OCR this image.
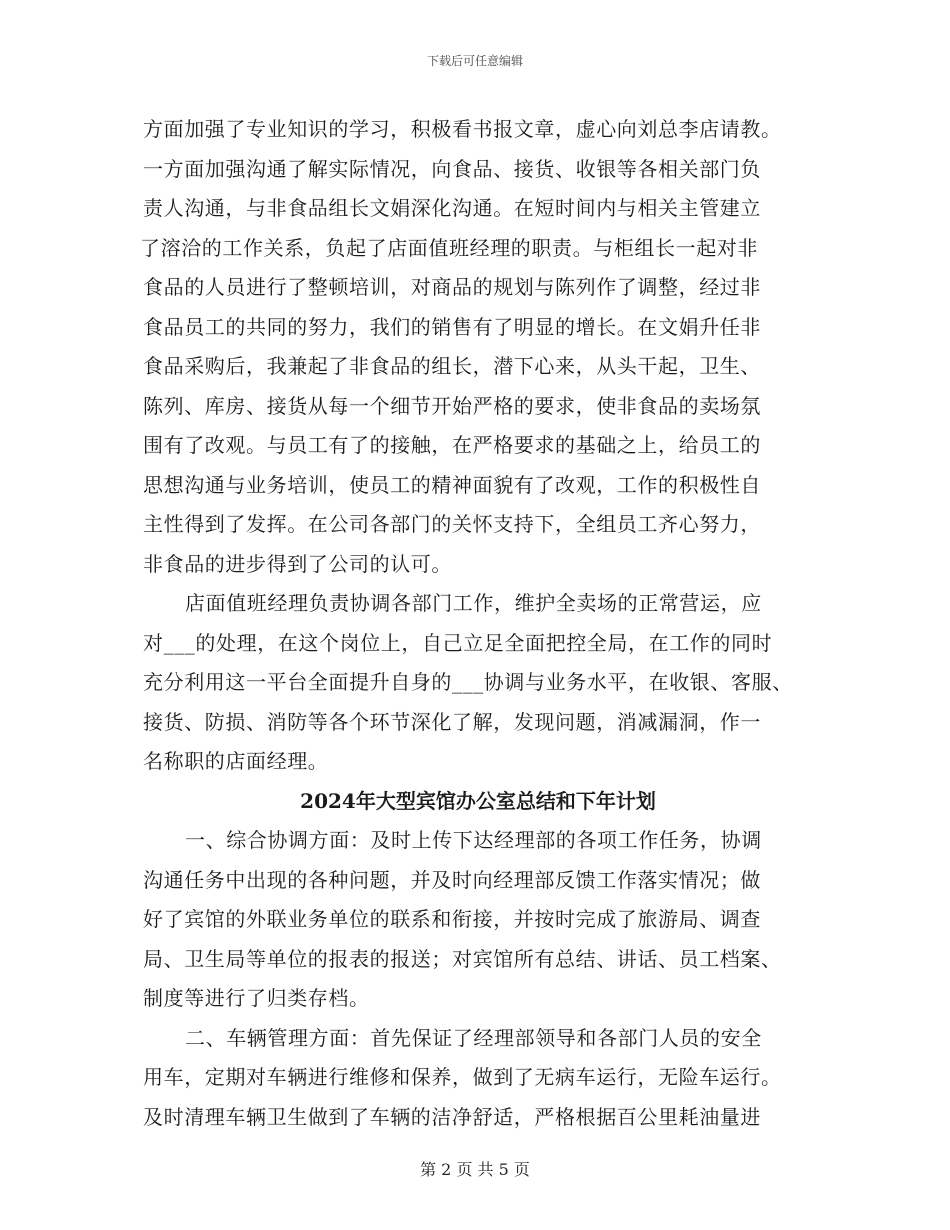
下载后可任意编辑
方面加强了专业知识的学习，积极看书报文章，虚心向刘总李店请教。
一方面加强沟通了解实际情况，向食品、接货、收银等各相关部门负
责人沟通，与非食品组长文娟深化沟通。在短时间内与相关主管建立
了溶洽的工作关系，负起了店面值班经理的职责。与柜组长一起对非
食品的人员进行了整顿培训，对商品的规划与陈列作了调整，经过非
食品员工的共同的努力，我们的销售有了明显的增长。在文娟升任非
食品采购后，我兼起了非食品的组长，潜下心来，从头干起，卫生、
陈列、库房、接货从每一个细节开始严格的要求，使非食品的卖场氛
围有了改观。与员工有了的接触，在严格要求的基础之上，给员工的
思想沟通与业务培训，使员工的精神面貌有了改观，工作的积极性自
主性得到了发挥。在公司各部门的关怀支持下，全组员工齐心努力，
非食品的进步得到了公司的认可。
店面值班经理负责协调各部门工作，维护全卖场的正常营运，应
对___的处理，在这个岗位上，自己立足全面把控全局，在工作的同时
充分利用这一平台全面提升自身的___协调与业务水平，在收银、客服、
接货、防损、消防等各个环节深化了解，发现问题，消减漏洞，作一
名称职的店面经理。
2024年大型宾馆办公室总结和下年计划
一、综合协调方面：及时上传下达经理部的各项工作任务，协调
沟通任务中出现的各种问题，并及时向经理部反馈工作落实情况；做
好了宾馆的外联业务单位的联系和衔接，并按时完成了旅游局、调查
局、卫生局等单位的报表的报送；对宾馆所有总结、讲话、员工档案、
制度等进行了归类存档。
二、车辆管理方面：首先保证了经理部领导和各部门人员的安全
用车，定期对车辆进行维修和保养，做到了无病车运行，无险车运行。
及时清理车辆卫生做到了车辆的洁净舒适，严格根据百公里耗油量进
第 2 页 共 5 页
